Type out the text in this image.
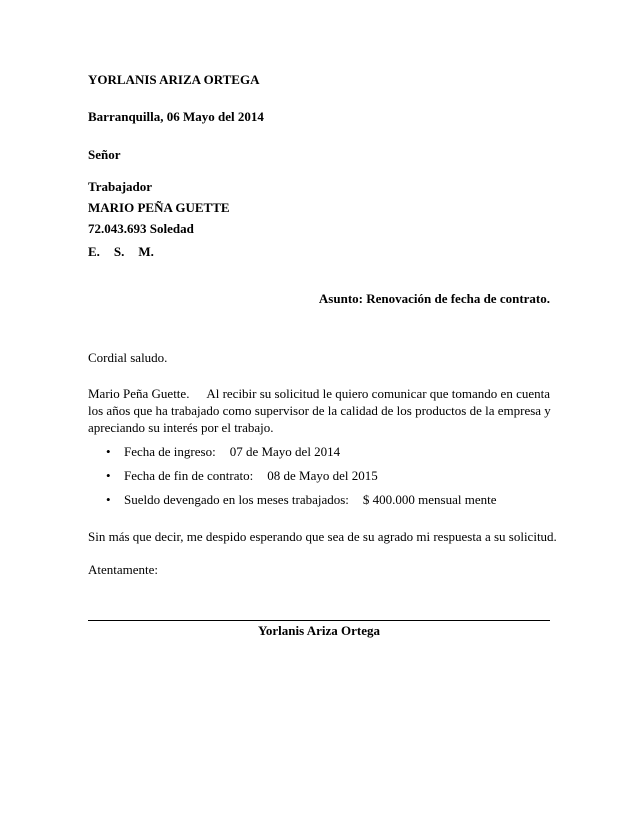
YORLANIS ARIZA ORTEGA
Barranquilla, 06 Mayo del 2014
Señor
Trabajador
MARIO PEÑA GUETTE
72.043.693 Soledad
E. S. M.
Asunto: Renovación de fecha de contrato.
Cordial saludo.
Mario Peña Guette. Al recibir su solicitud le quiero comunicar que tomando en cuenta
los años que ha trabajado como supervisor de la calidad de los productos de la empresa y
apreciando su interés por el trabajo.
• Fecha de ingreso: 07 de Mayo del 2014
• Fecha de fin de contrato: 08 de Mayo del 2015
• Sueldo devengado en los meses trabajados: $ 400.000 mensual mente
Sin más que decir, me despido esperando que sea de su agrado mi respuesta a su solicitud.
Atentamente:
Yorlanis Ariza Ortega
